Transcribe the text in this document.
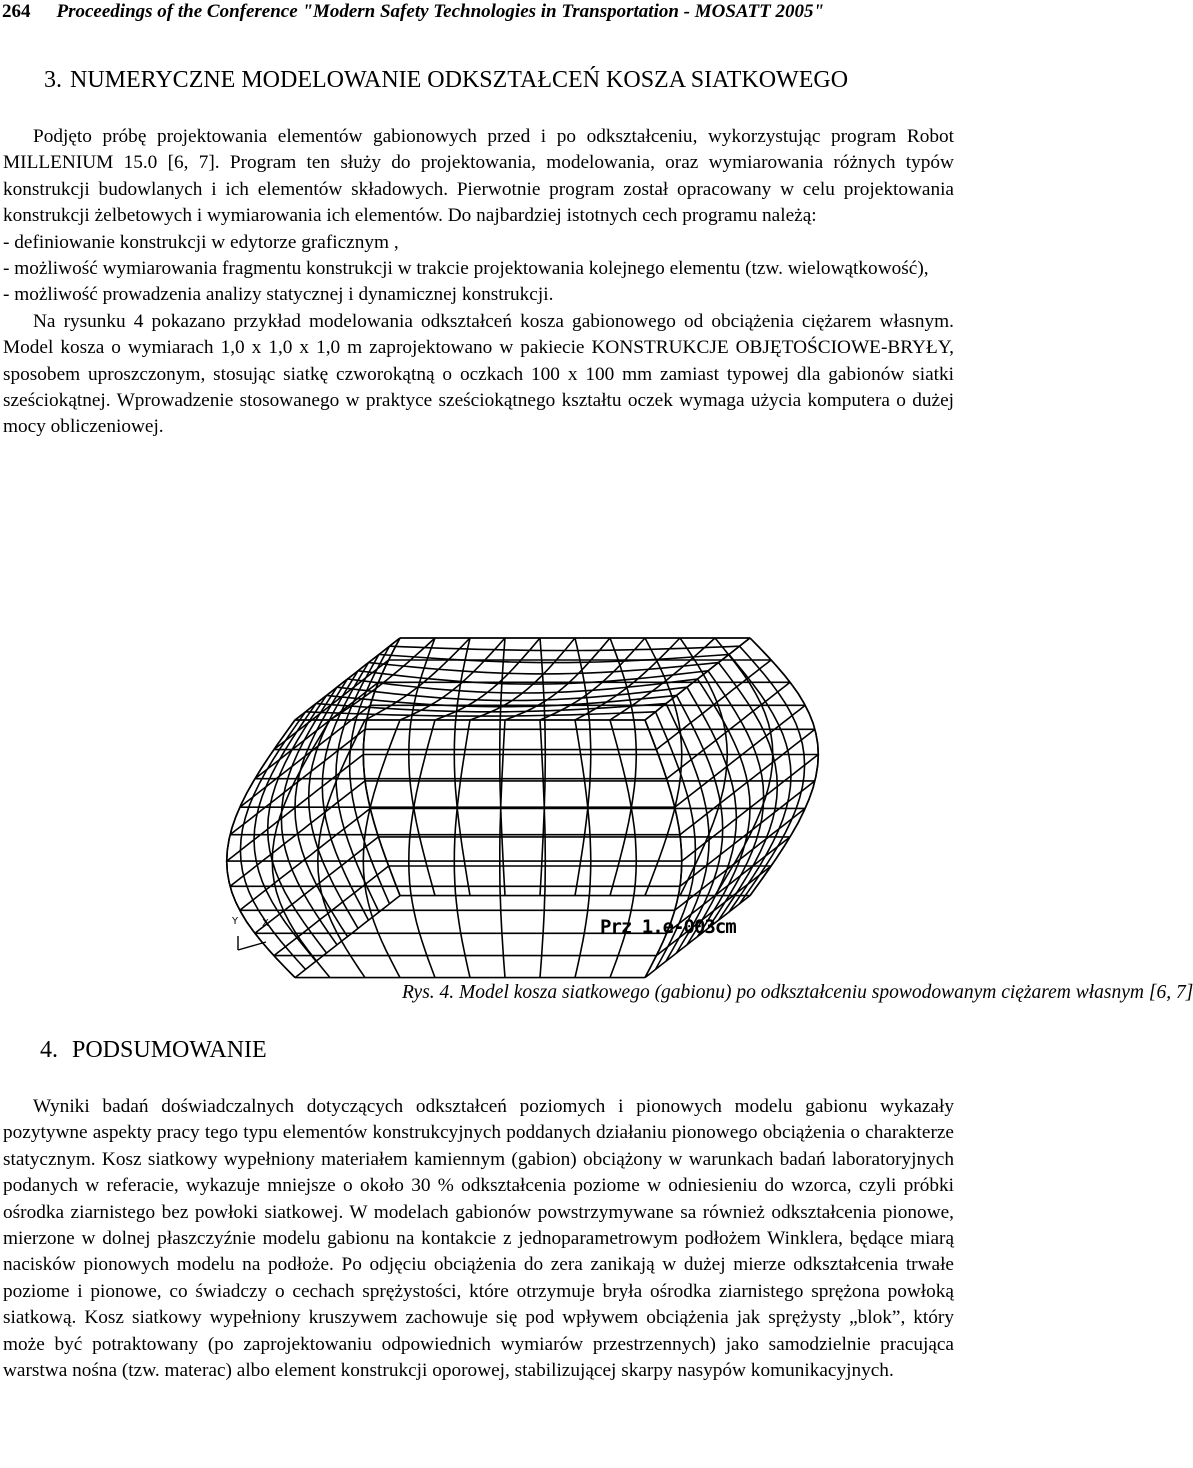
264 Proceedings of the Conference "Modern Safety Technologies in Transportation - MOSATT 2005"
3. NUMERYCZNE MODELOWANIE ODKSZTAŁCEŃ KOSZA SIATKOWEGO

Podjęto próbę projektowania elementów gabionowych przed i po odkształceniu, wykorzystując program Robot MILLENIUM 15.0 [6, 7]. Program ten służy do projektowania, modelowania, oraz wymiarowania różnych typów konstrukcji budowlanych i ich elementów składowych. Pierwotnie program został opracowany w celu projektowania konstrukcji żelbetowych i wymiarowania ich elementów. Do najbardziej istotnych cech programu należą:

- definiowanie konstrukcji w edytorze graficznym ,

- możliwość wymiarowania fragmentu konstrukcji w trakcie projektowania kolejnego elementu (tzw. wielowątkowość),

- możliwość prowadzenia analizy statycznej i dynamicznej konstrukcji.

Na rysunku 4 pokazano przykład modelowania odkształceń kosza gabionowego od obciążenia ciężarem własnym. Model kosza o wymiarach 1,0 x 1,0 x 1,0 m zaprojektowano w pakiecie KONSTRUKCJE OBJĘTOŚCIOWE-BRYŁY, sposobem uproszczonym, stosując siatkę czworokątną o oczkach 100 x 100 mm zamiast typowej dla gabionów siatki sześciokątnej. Wprowadzenie stosowanego w praktyce sześciokątnego kształtu oczek wymaga użycia komputera o dużej mocy obliczeniowej.

Y X	Prz 1.e-003cm
Rys. 4. Model kosza siatkowego (gabionu) po odkształceniu spowodowanym ciężarem własnym [6, 7]
4. PODSUMOWANIE

Wyniki badań doświadczalnych dotyczących odkształceń poziomych i pionowych modelu gabionu wykazały pozytywne aspekty pracy tego typu elementów konstrukcyjnych poddanych działaniu pionowego obciążenia o charakterze statycznym. Kosz siatkowy wypełniony materiałem kamiennym (gabion) obciążony w warunkach badań laboratoryjnych podanych w referacie, wykazuje mniejsze o około 30 % odkształcenia poziome w odniesieniu do wzorca, czyli próbki ośrodka ziarnistego bez powłoki siatkowej. W modelach gabionów powstrzymywane sa również odkształcenia pionowe, mierzone w dolnej płaszczyźnie modelu gabionu na kontakcie z jednoparametrowym podłożem Winklera, będące miarą nacisków pionowych modelu na podłoże. Po odjęciu obciążenia do zera zanikają w dużej mierze odkształcenia trwałe poziome i pionowe, co świadczy o cechach sprężystości, które otrzymuje bryła ośrodka ziarnistego sprężona powłoką siatkową. Kosz siatkowy wypełniony kruszywem zachowuje się pod wpływem obciążenia jak sprężysty „blok”, który może być potraktowany (po zaprojektowaniu odpowiednich wymiarów przestrzennych) jako samodzielnie pracująca warstwa nośna (tzw. materac) albo element konstrukcji oporowej, stabilizującej skarpy nasypów komunikacyjnych.
